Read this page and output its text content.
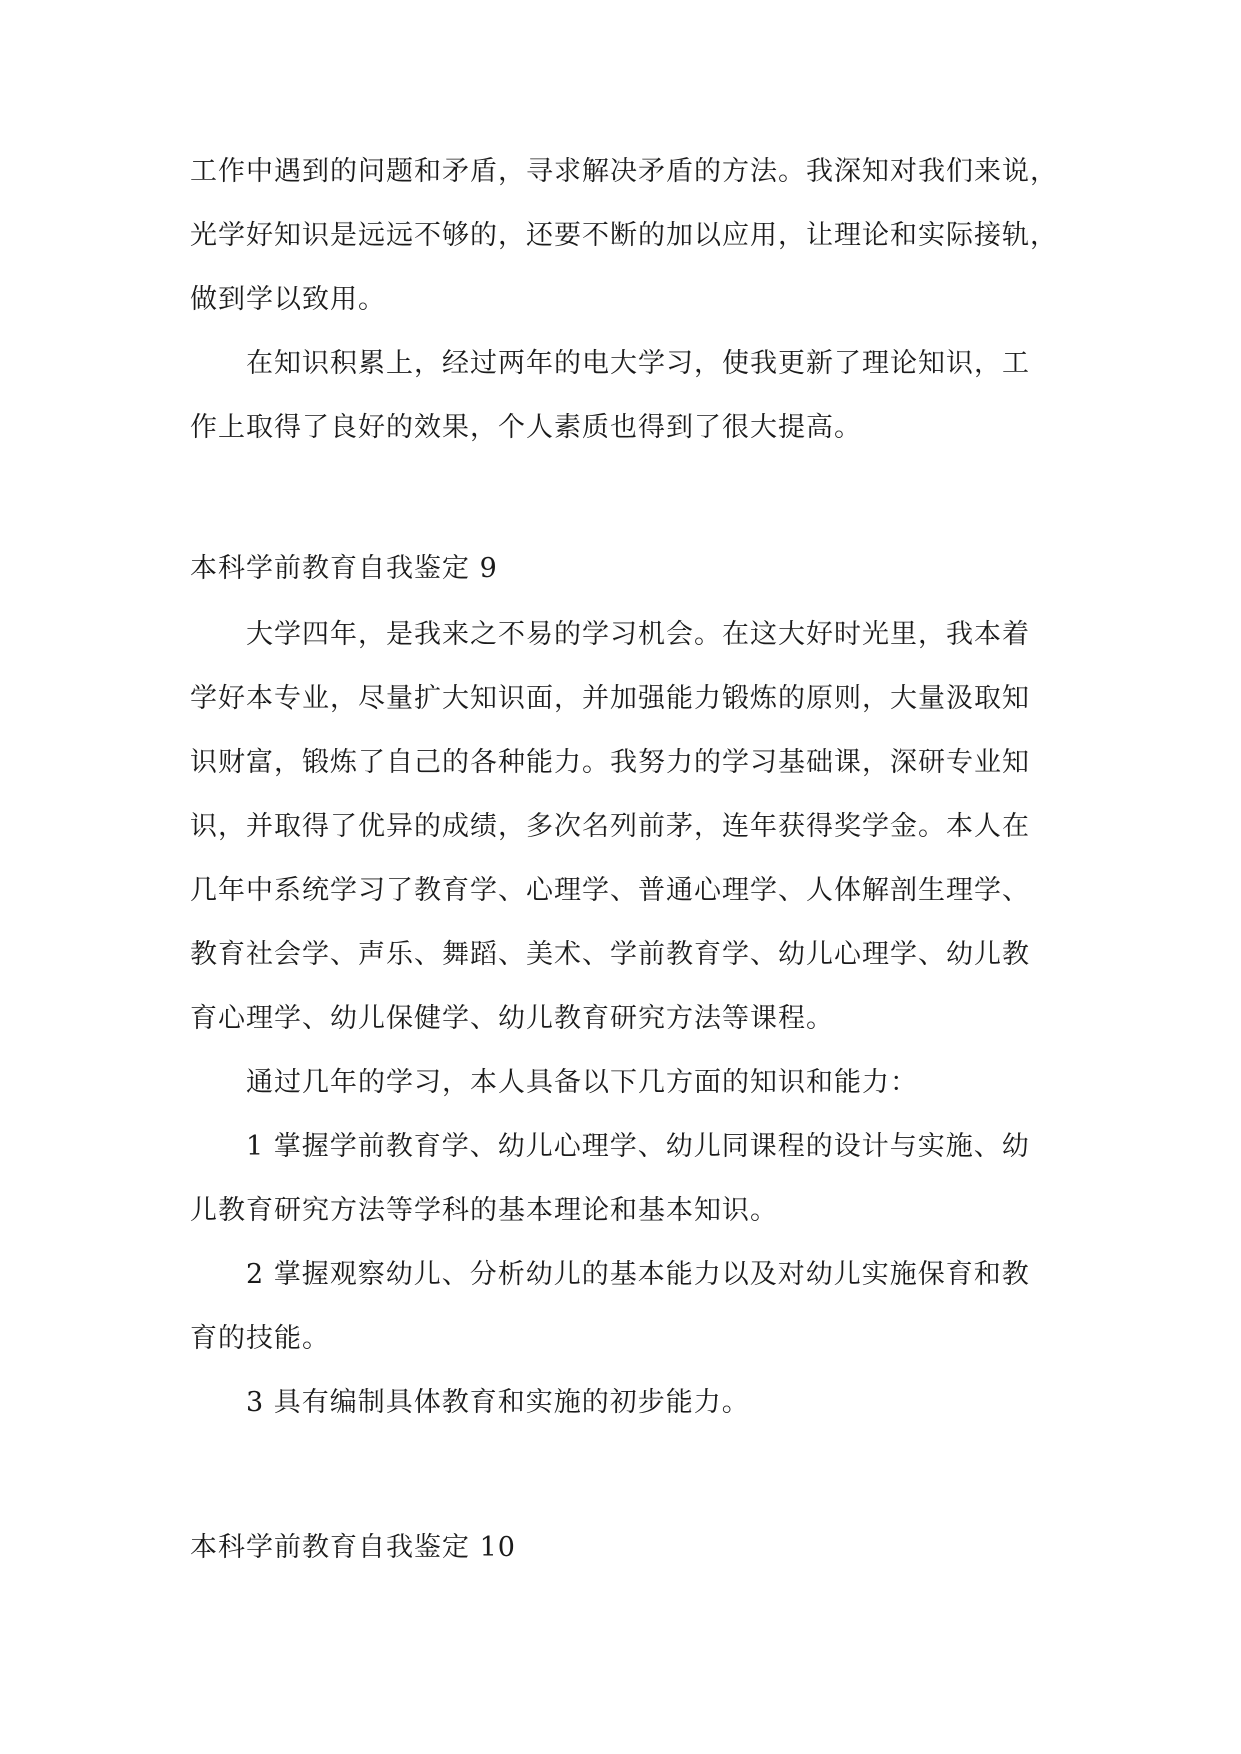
工作中遇到的问题和矛盾，寻求解决矛盾的方法。我深知对我们来说，
光学好知识是远远不够的，还要不断的加以应用，让理论和实际接轨，
做到学以致用。
在知识积累上，经过两年的电大学习，使我更新了理论知识，工
作上取得了良好的效果，个人素质也得到了很大提高。
本科学前教育自我鉴定 9
大学四年，是我来之不易的学习机会。在这大好时光里，我本着
学好本专业，尽量扩大知识面，并加强能力锻炼的原则，大量汲取知
识财富，锻炼了自己的各种能力。我努力的学习基础课，深研专业知
识，并取得了优异的成绩，多次名列前茅，连年获得奖学金。本人在
几年中系统学习了教育学、心理学、普通心理学、人体解剖生理学、
教育社会学、声乐、舞蹈、美术、学前教育学、幼儿心理学、幼儿教
育心理学、幼儿保健学、幼儿教育研究方法等课程。
通过几年的学习，本人具备以下几方面的知识和能力：
1 掌握学前教育学、幼儿心理学、幼儿同课程的设计与实施、幼
儿教育研究方法等学科的基本理论和基本知识。
2 掌握观察幼儿、分析幼儿的基本能力以及对幼儿实施保育和教
育的技能。
3 具有编制具体教育和实施的初步能力。
本科学前教育自我鉴定 10
